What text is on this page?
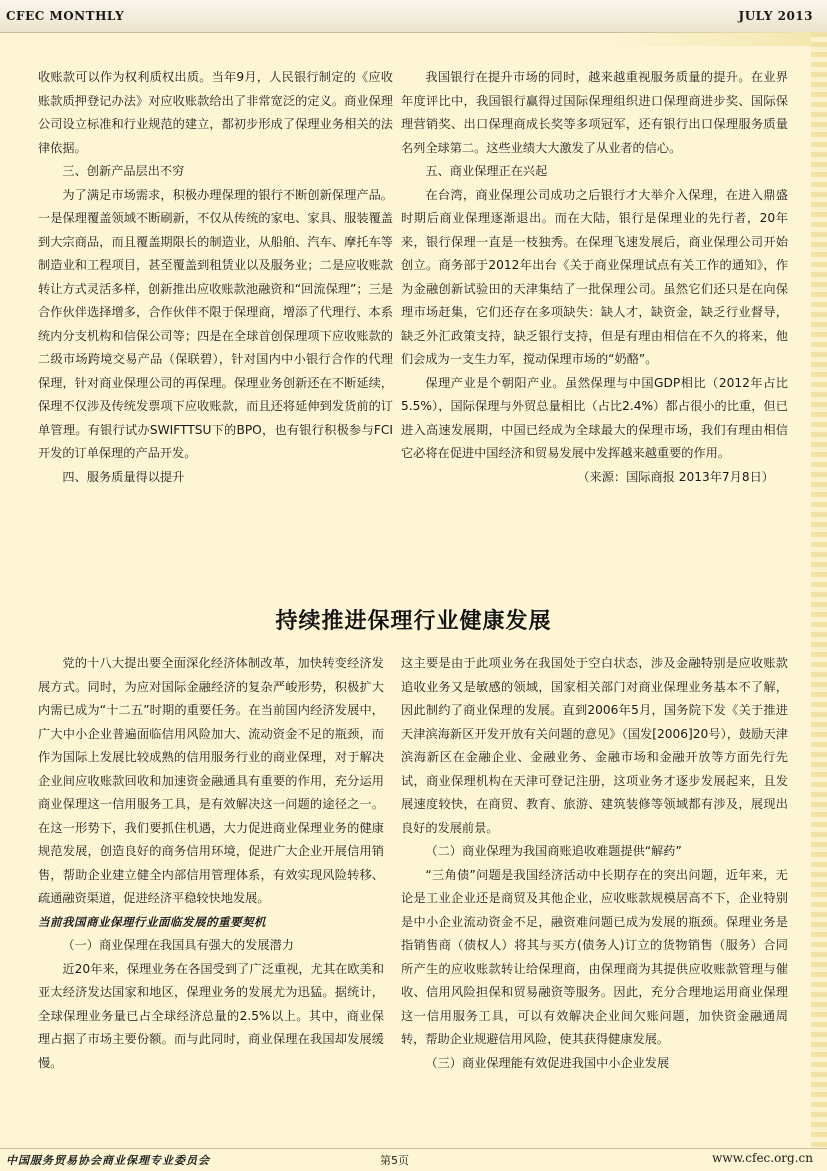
CFEC MONTHLY	JULY 2013

收账款可以作为权利质权出质。当年9月，人民银行制定的《应收账款质押登记办法》对应收账款给出了非常宽泛的定义。商业保理公司设立标准和行业规范的建立，都初步形成了保理业务相关的法律依据。

三、创新产品层出不穷

为了满足市场需求，积极办理保理的银行不断创新保理产品。一是保理覆盖领域不断刷新，不仅从传统的家电、家具、服装覆盖到大宗商品，而且覆盖期限长的制造业，从船舶、汽车、摩托车等制造业和工程项目，甚至覆盖到租赁业以及服务业；二是应收账款转让方式灵活多样，创新推出应收账款池融资和“回流保理”；三是合作伙伴选择增多，合作伙伴不限于保理商，增添了代理行、本系统内分支机构和信保公司等；四是在全球首创保理项下应收账款的二级市场跨境交易产品（保联碧），针对国内中小银行合作的代理保理，针对商业保理公司的再保理。保理业务创新还在不断延续，保理不仅涉及传统发票项下应收账款，而且还将延伸到发货前的订单管理。有银行试办SWIFTTSU下的BPO，也有银行积极参与FCI开发的订单保理的产品开发。

四、服务质量得以提升

我国银行在提升市场的同时，越来越重视服务质量的提升。在业界年度评比中，我国银行赢得过国际保理组织进口保理商进步奖、国际保理营销奖、出口保理商成长奖等多项冠军，还有银行出口保理服务质量名列全球第二。这些业绩大大激发了从业者的信心。

五、商业保理正在兴起

在台湾，商业保理公司成功之后银行才大举介入保理，在进入鼎盛时期后商业保理逐渐退出。而在大陆，银行是保理业的先行者，20年来，银行保理一直是一枝独秀。在保理飞速发展后，商业保理公司开始创立。商务部于2012年出台《关于商业保理试点有关工作的通知》，作为金融创新试验田的天津集结了一批保理公司。虽然它们还只是在向保理市场赶集，它们还存在多项缺失：缺人才，缺资金，缺乏行业督导，缺乏外汇政策支持，缺乏银行支持，但是有理由相信在不久的将来，他们会成为一支生力军，搅动保理市场的“奶酪”。

保理产业是个朝阳产业。虽然保理与中国GDP相比（2012年占比5.5%），国际保理与外贸总量相比（占比2.4%）都占很小的比重，但已进入高速发展期，中国已经成为全球最大的保理市场，我们有理由相信它必将在促进中国经济和贸易发展中发挥越来越重要的作用。

（来源：国际商报 2013年7月8日）

持续推进保理行业健康发展

党的十八大提出要全面深化经济体制改革，加快转变经济发展方式。同时，为应对国际金融经济的复杂严峻形势，积极扩大内需已成为“十二五”时期的重要任务。在当前国内经济发展中，广大中小企业普遍面临信用风险加大、流动资金不足的瓶颈，而作为国际上发展比较成熟的信用服务行业的商业保理，对于解决企业间应收账款回收和加速资金融通具有重要的作用，充分运用商业保理这一信用服务工具，是有效解决这一问题的途径之一。在这一形势下，我们要抓住机遇，大力促进商业保理业务的健康规范发展，创造良好的商务信用环境，促进广大企业开展信用销售，帮助企业建立健全内部信用管理体系，有效实现风险转移、疏通融资渠道，促进经济平稳较快地发展。

当前我国商业保理行业面临发展的重要契机

（一）商业保理在我国具有强大的发展潜力

近20年来，保理业务在各国受到了广泛重视，尤其在欧美和亚太经济发达国家和地区，保理业务的发展尤为迅猛。据统计，全球保理业务量已占全球经济总量的2.5%以上。其中，商业保理占据了市场主要份额。而与此同时，商业保理在我国却发展缓慢。

这主要是由于此项业务在我国处于空白状态，涉及金融特别是应收账款追收业务又是敏感的领域，国家相关部门对商业保理业务基本不了解，因此制约了商业保理的发展。直到2006年5月，国务院下发《关于推进天津滨海新区开发开放有关问题的意见》（国发[2006]20号），鼓励天津滨海新区在金融企业、金融业务、金融市场和金融开放等方面先行先试，商业保理机构在天津可登记注册，这项业务才逐步发展起来，且发展速度较快，在商贸、教育、旅游、建筑装修等领域都有涉及，展现出良好的发展前景。

（二）商业保理为我国商账追收难题提供“解药”

“三角债”问题是我国经济活动中长期存在的突出问题，近年来，无论是工业企业还是商贸及其他企业，应收账款规模居高不下，企业特别是中小企业流动资金不足，融资难问题已成为发展的瓶颈。保理业务是指销售商（债权人）将其与买方(债务人)订立的货物销售（服务）合同所产生的应收账款转让给保理商，由保理商为其提供应收账款管理与催收、信用风险担保和贸易融资等服务。因此，充分合理地运用商业保理这一信用服务工具，可以有效解决企业间欠账问题，加快资金融通周转，帮助企业规避信用风险，使其获得健康发展。

（三）商业保理能有效促进我国中小企业发展

中国服务贸易协会商业保理专业委员会	第5页	www.cfec.org.cn
